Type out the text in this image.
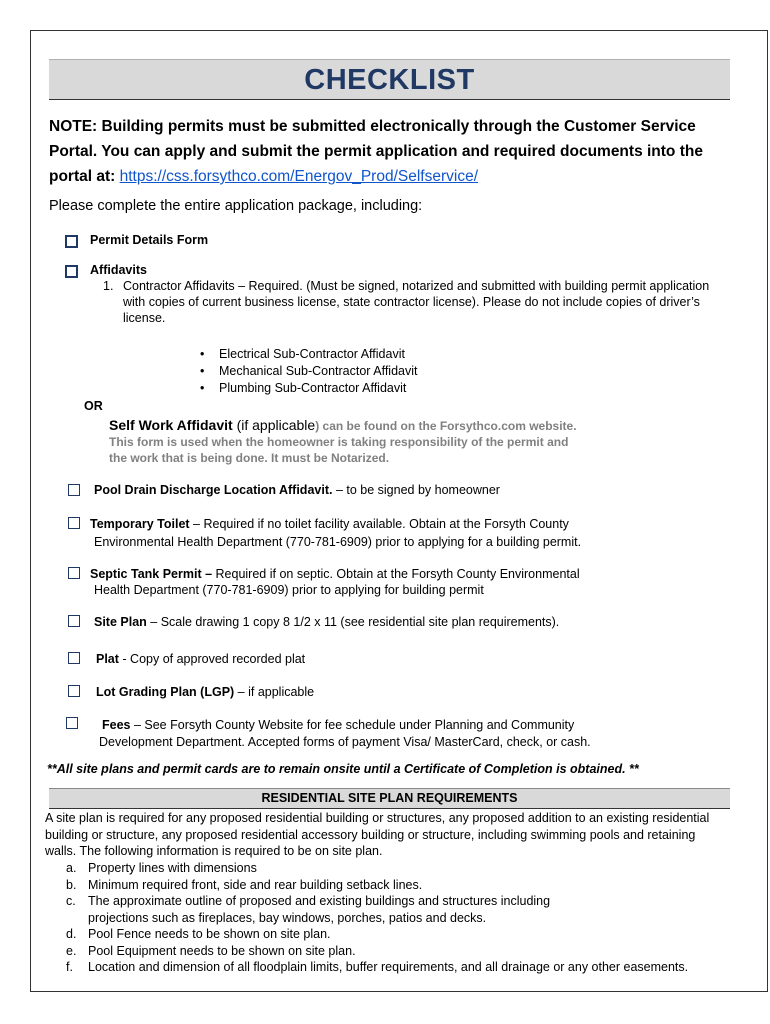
CHECKLIST
NOTE: Building permits must be submitted electronically through the Customer Service Portal. You can apply and submit the permit application and required documents into the portal at: https://css.forsythco.com/Energov_Prod/Selfservice/
Please complete the entire application package, including:
Permit Details Form
Affidavits
1. Contractor Affidavits – Required. (Must be signed, notarized and submitted with building permit application with copies of current business license, state contractor license). Please do not include copies of driver’s license.
• Electrical Sub-Contractor Affidavit
• Mechanical Sub-Contractor Affidavit
• Plumbing Sub-Contractor Affidavit
OR
Self Work Affidavit (if applicable) can be found on the Forsythco.com website.
This form is used when the homeowner is taking responsibility of the permit and
the work that is being done. It must be Notarized.
Pool Drain Discharge Location Affidavit. – to be signed by homeowner
Temporary Toilet – Required if no toilet facility available. Obtain at the Forsyth County
Environmental Health Department (770-781-6909) prior to applying for a building permit.
Septic Tank Permit – Required if on septic. Obtain at the Forsyth County Environmental
Health Department (770-781-6909) prior to applying for building permit
Site Plan – Scale drawing 1 copy 8 1/2 x 11 (see residential site plan requirements).
Plat - Copy of approved recorded plat
Lot Grading Plan (LGP) – if applicable
Fees – See Forsyth County Website for fee schedule under Planning and Community
Development Department. Accepted forms of payment Visa/ MasterCard, check, or cash.
**All site plans and permit cards are to remain onsite until a Certificate of Completion is obtained. **
RESIDENTIAL SITE PLAN REQUIREMENTS
A site plan is required for any proposed residential building or structures, any proposed addition to an existing residential building or structure, any proposed residential accessory building or structure, including swimming pools and retaining walls. The following information is required to be on site plan.
a. Property lines with dimensions
b. Minimum required front, side and rear building setback lines.
c. The approximate outline of proposed and existing buildings and structures including projections such as fireplaces, bay windows, porches, patios and decks.
d. Pool Fence needs to be shown on site plan.
e. Pool Equipment needs to be shown on site plan.
f.	Location and dimension of all floodplain limits, buffer requirements, and all drainage or any other easements.
